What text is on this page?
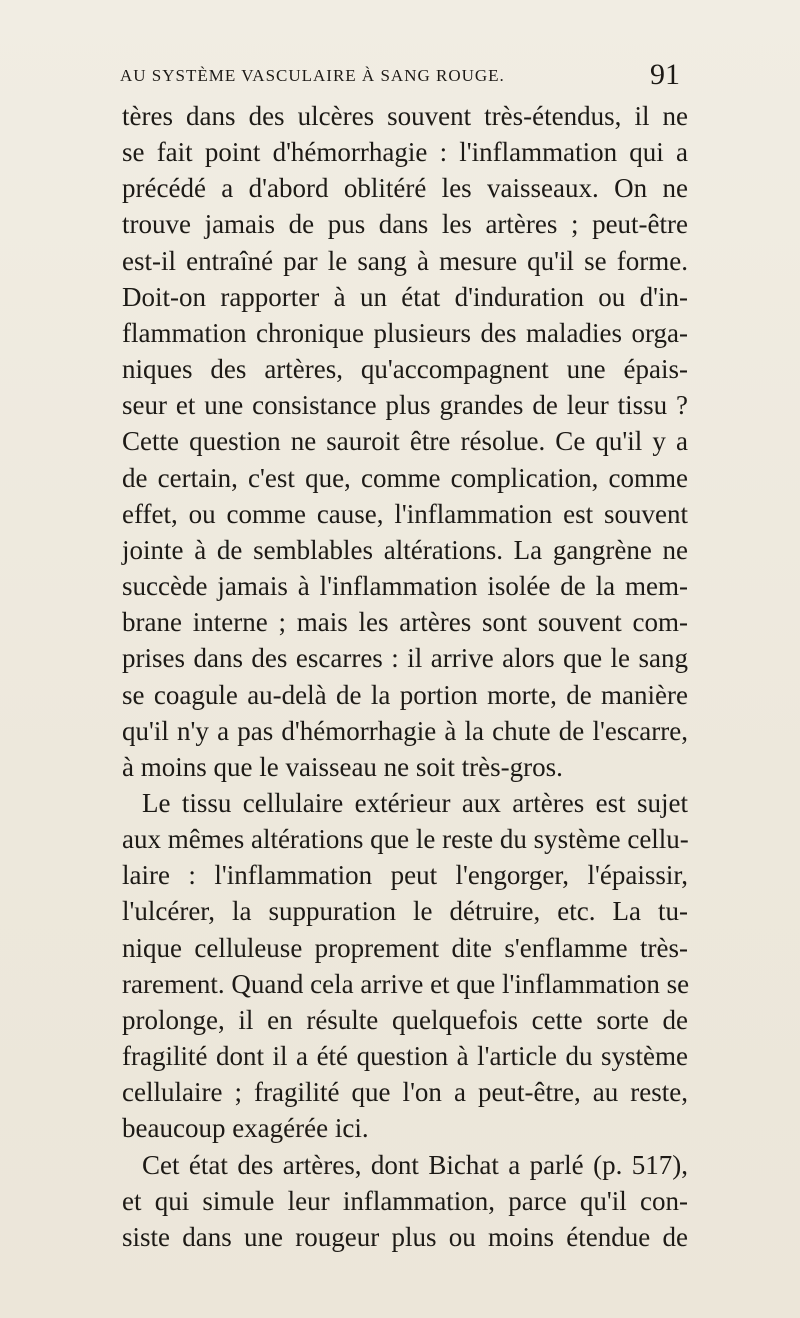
AU SYSTÈME VASCULAIRE À SANG ROUGE.	91
tères dans des ulcères souvent très-étendus, il ne
se fait point d'hémorrhagie : l'inflammation qui a
précédé a d'abord oblitéré les vaisseaux. On ne
trouve jamais de pus dans les artères ; peut-être
est-il entraîné par le sang à mesure qu'il se forme.
Doit-on rapporter à un état d'induration ou d'in-
flammation chronique plusieurs des maladies orga-
niques des artères, qu'accompagnent une épais-
seur et une consistance plus grandes de leur tissu ?
Cette question ne sauroit être résolue. Ce qu'il y a
de certain, c'est que, comme complication, comme
effet, ou comme cause, l'inflammation est souvent
jointe à de semblables altérations. La gangrène ne
succède jamais à l'inflammation isolée de la mem-
brane interne ; mais les artères sont souvent com-
prises dans des escarres : il arrive alors que le sang
se coagule au-delà de la portion morte, de manière
qu'il n'y a pas d'hémorrhagie à la chute de l'escarre,
à moins que le vaisseau ne soit très-gros.
Le tissu cellulaire extérieur aux artères est sujet
aux mêmes altérations que le reste du système cellu-
laire : l'inflammation peut l'engorger, l'épaissir,
l'ulcérer, la suppuration le détruire, etc. La tu-
nique celluleuse proprement dite s'enflamme très-
rarement. Quand cela arrive et que l'inflammation se
prolonge, il en résulte quelquefois cette sorte de
fragilité dont il a été question à l'article du système
cellulaire ; fragilité que l'on a peut-être, au reste,
beaucoup exagérée ici.
Cet état des artères, dont Bichat a parlé (p. 517),
et qui simule leur inflammation, parce qu'il con-
siste dans une rougeur plus ou moins étendue de
